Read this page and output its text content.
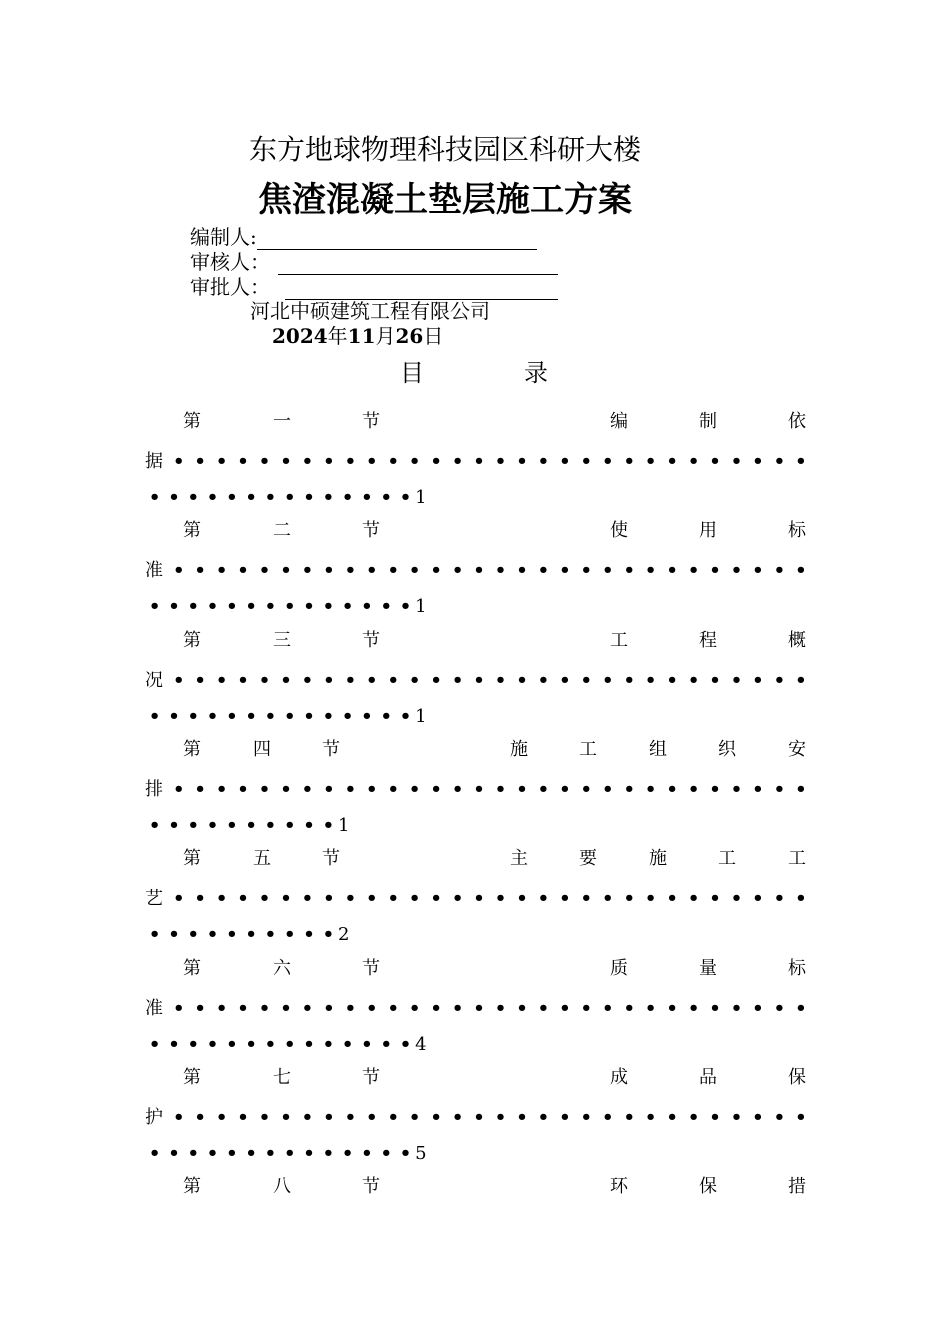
东方地球物理科技园区科研大楼
焦渣混凝土垫层施工方案
编制人:
审核人：
审批人：
河北中硕建筑工程有限公司
2024年11月26日
目	录
第	一	节	编	制	依
据 • • • • • • • • • • • • • • • • • • • • • • • • • • • • • •
• • • • • • • • • • • • • • 1
第	二	节	使	用	标
准 • • • • • • • • • • • • • • • • • • • • • • • • • • • • • •
• • • • • • • • • • • • • • 1
第	三	节	工	程	概
况 • • • • • • • • • • • • • • • • • • • • • • • • • • • • • •
• • • • • • • • • • • • • • 1
第	四	节	施	工	组	织	安
排 • • • • • • • • • • • • • • • • • • • • • • • • • • • • • •
• • • • • • • • • • 1
第	五	节	主	要	施	工	工
艺 • • • • • • • • • • • • • • • • • • • • • • • • • • • • • •
• • • • • • • • • • 2
第	六	节	质	量	标
准 • • • • • • • • • • • • • • • • • • • • • • • • • • • • • •
• • • • • • • • • • • • • • 4
第	七	节	成	品	保
护 • • • • • • • • • • • • • • • • • • • • • • • • • • • • • •
• • • • • • • • • • • • • • 5
第	八	节	环	保	措
